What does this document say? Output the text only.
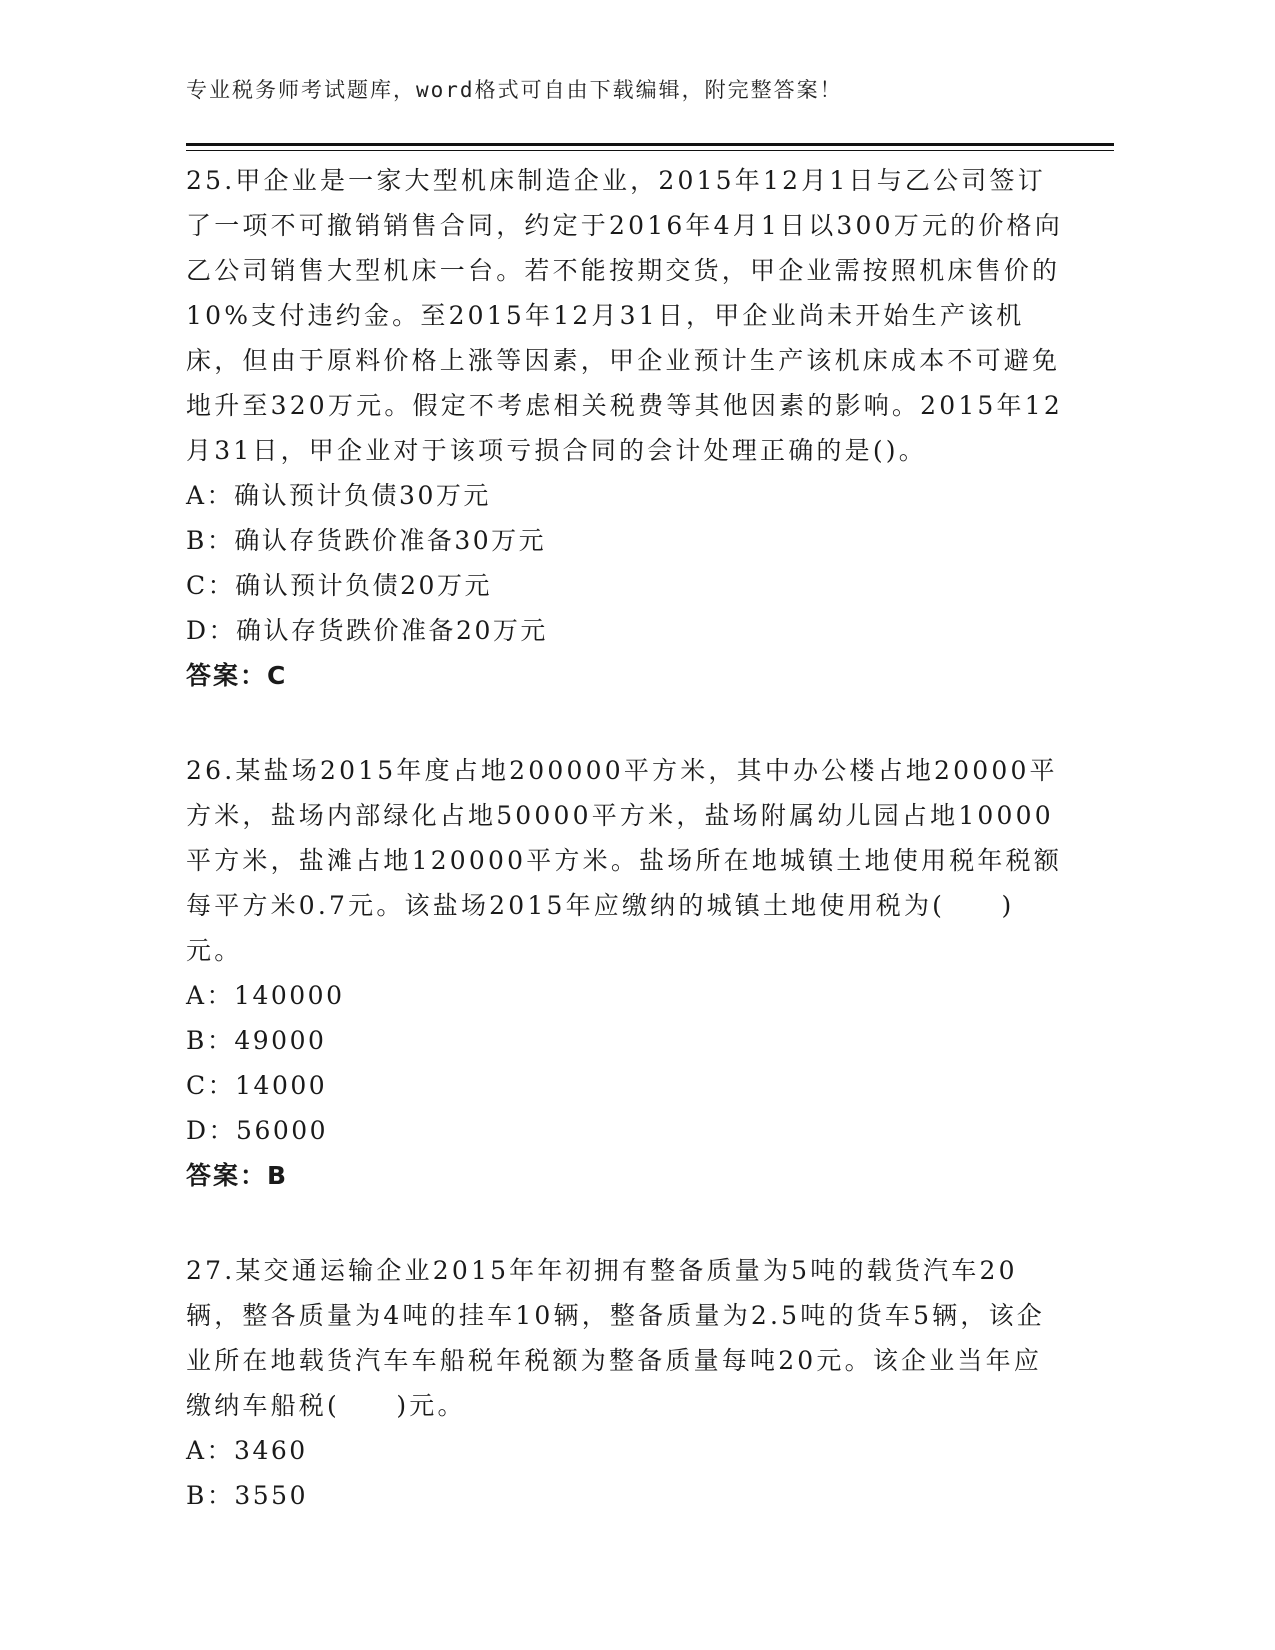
专业税务师考试题库，word格式可自由下载编辑，附完整答案！

25.甲企业是一家大型机床制造企业，2015年12月1日与乙公司签订了一项不可撤销销售合同，约定于2016年4月1日以300万元的价格向乙公司销售大型机床一台。若不能按期交货，甲企业需按照机床售价的10%支付违约金。至2015年12月31日，甲企业尚未开始生产该机床，但由于原料价格上涨等因素，甲企业预计生产该机床成本不可避免地升至320万元。假定不考虑相关税费等其他因素的影响。2015年12月31日，甲企业对于该项亏损合同的会计处理正确的是()。

A：确认预计负债30万元

B：确认存货跌价准备30万元

C：确认预计负债20万元

D：确认存货跌价准备20万元

答案：C

26.某盐场2015年度占地200000平方米，其中办公楼占地20000平方米，盐场内部绿化占地50000平方米，盐场附属幼儿园占地10000平方米，盐滩占地120000平方米。盐场所在地城镇土地使用税年税额每平方米0.7元。该盐场2015年应缴纳的城镇土地使用税为(　　)元。

A：140000

B：49000

C：14000

D：56000

答案：B

27.某交通运输企业2015年年初拥有整备质量为5吨的载货汽车20辆，整各质量为4吨的挂车10辆，整备质量为2.5吨的货车5辆，该企业所在地载货汽车车船税年税额为整备质量每吨20元。该企业当年应缴纳车船税(　　)元。

A：3460

B：3550
